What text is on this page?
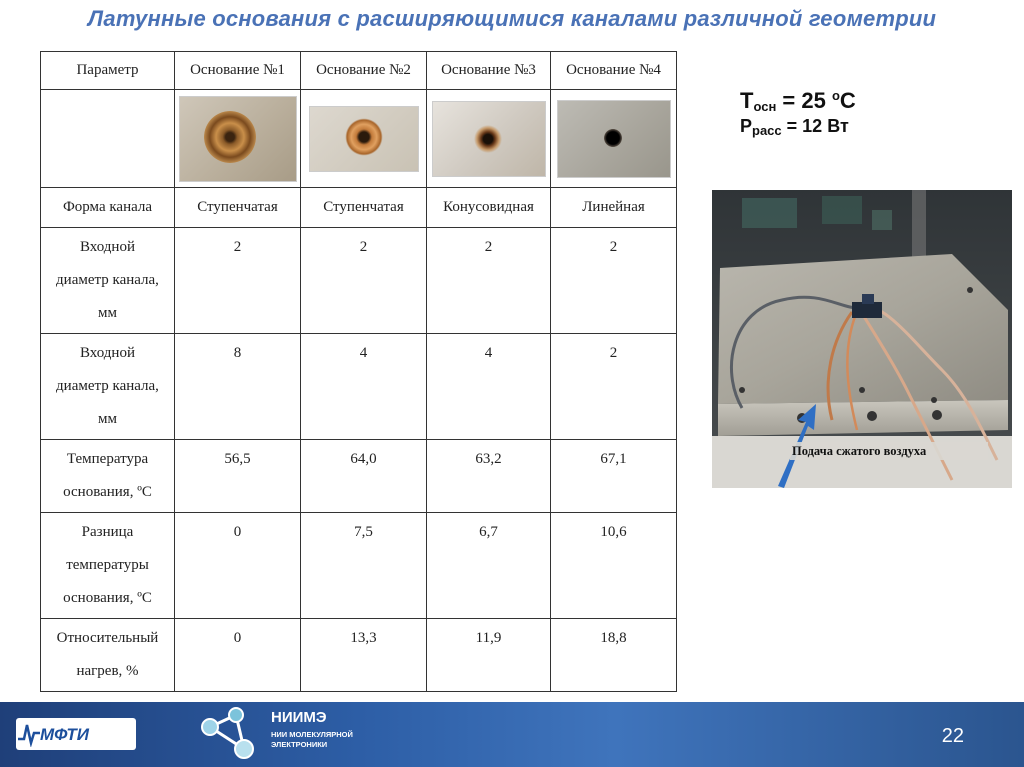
Латунные основания с расширяющимися каналами различной геометрии
Параметр	Основание №1	Основание №2	Основание №3	Основание №4

Форма канала	Ступенчатая	Ступенчатая	Конусовидная	Линейная
Входной
диаметр канала,
мм	2	2	2	2
Входной
диаметр канала,
мм	8	4	4	2
Температура
основания, ºС	56,5	64,0	63,2	67,1
Разница
температуры
основания, ºС	0	7,5	6,7	10,6
Относительный
нагрев, %	0	13,3	11,9	18,8
$T_{осн} = 25$ $^o$C
$P_{расс} = 12$ Вт
Подача сжатого воздуха
МФТИ
НИИМЭ
НИИ МОЛЕКУЛЯРНОЙ ЭЛЕКТРОНИКИ	22
